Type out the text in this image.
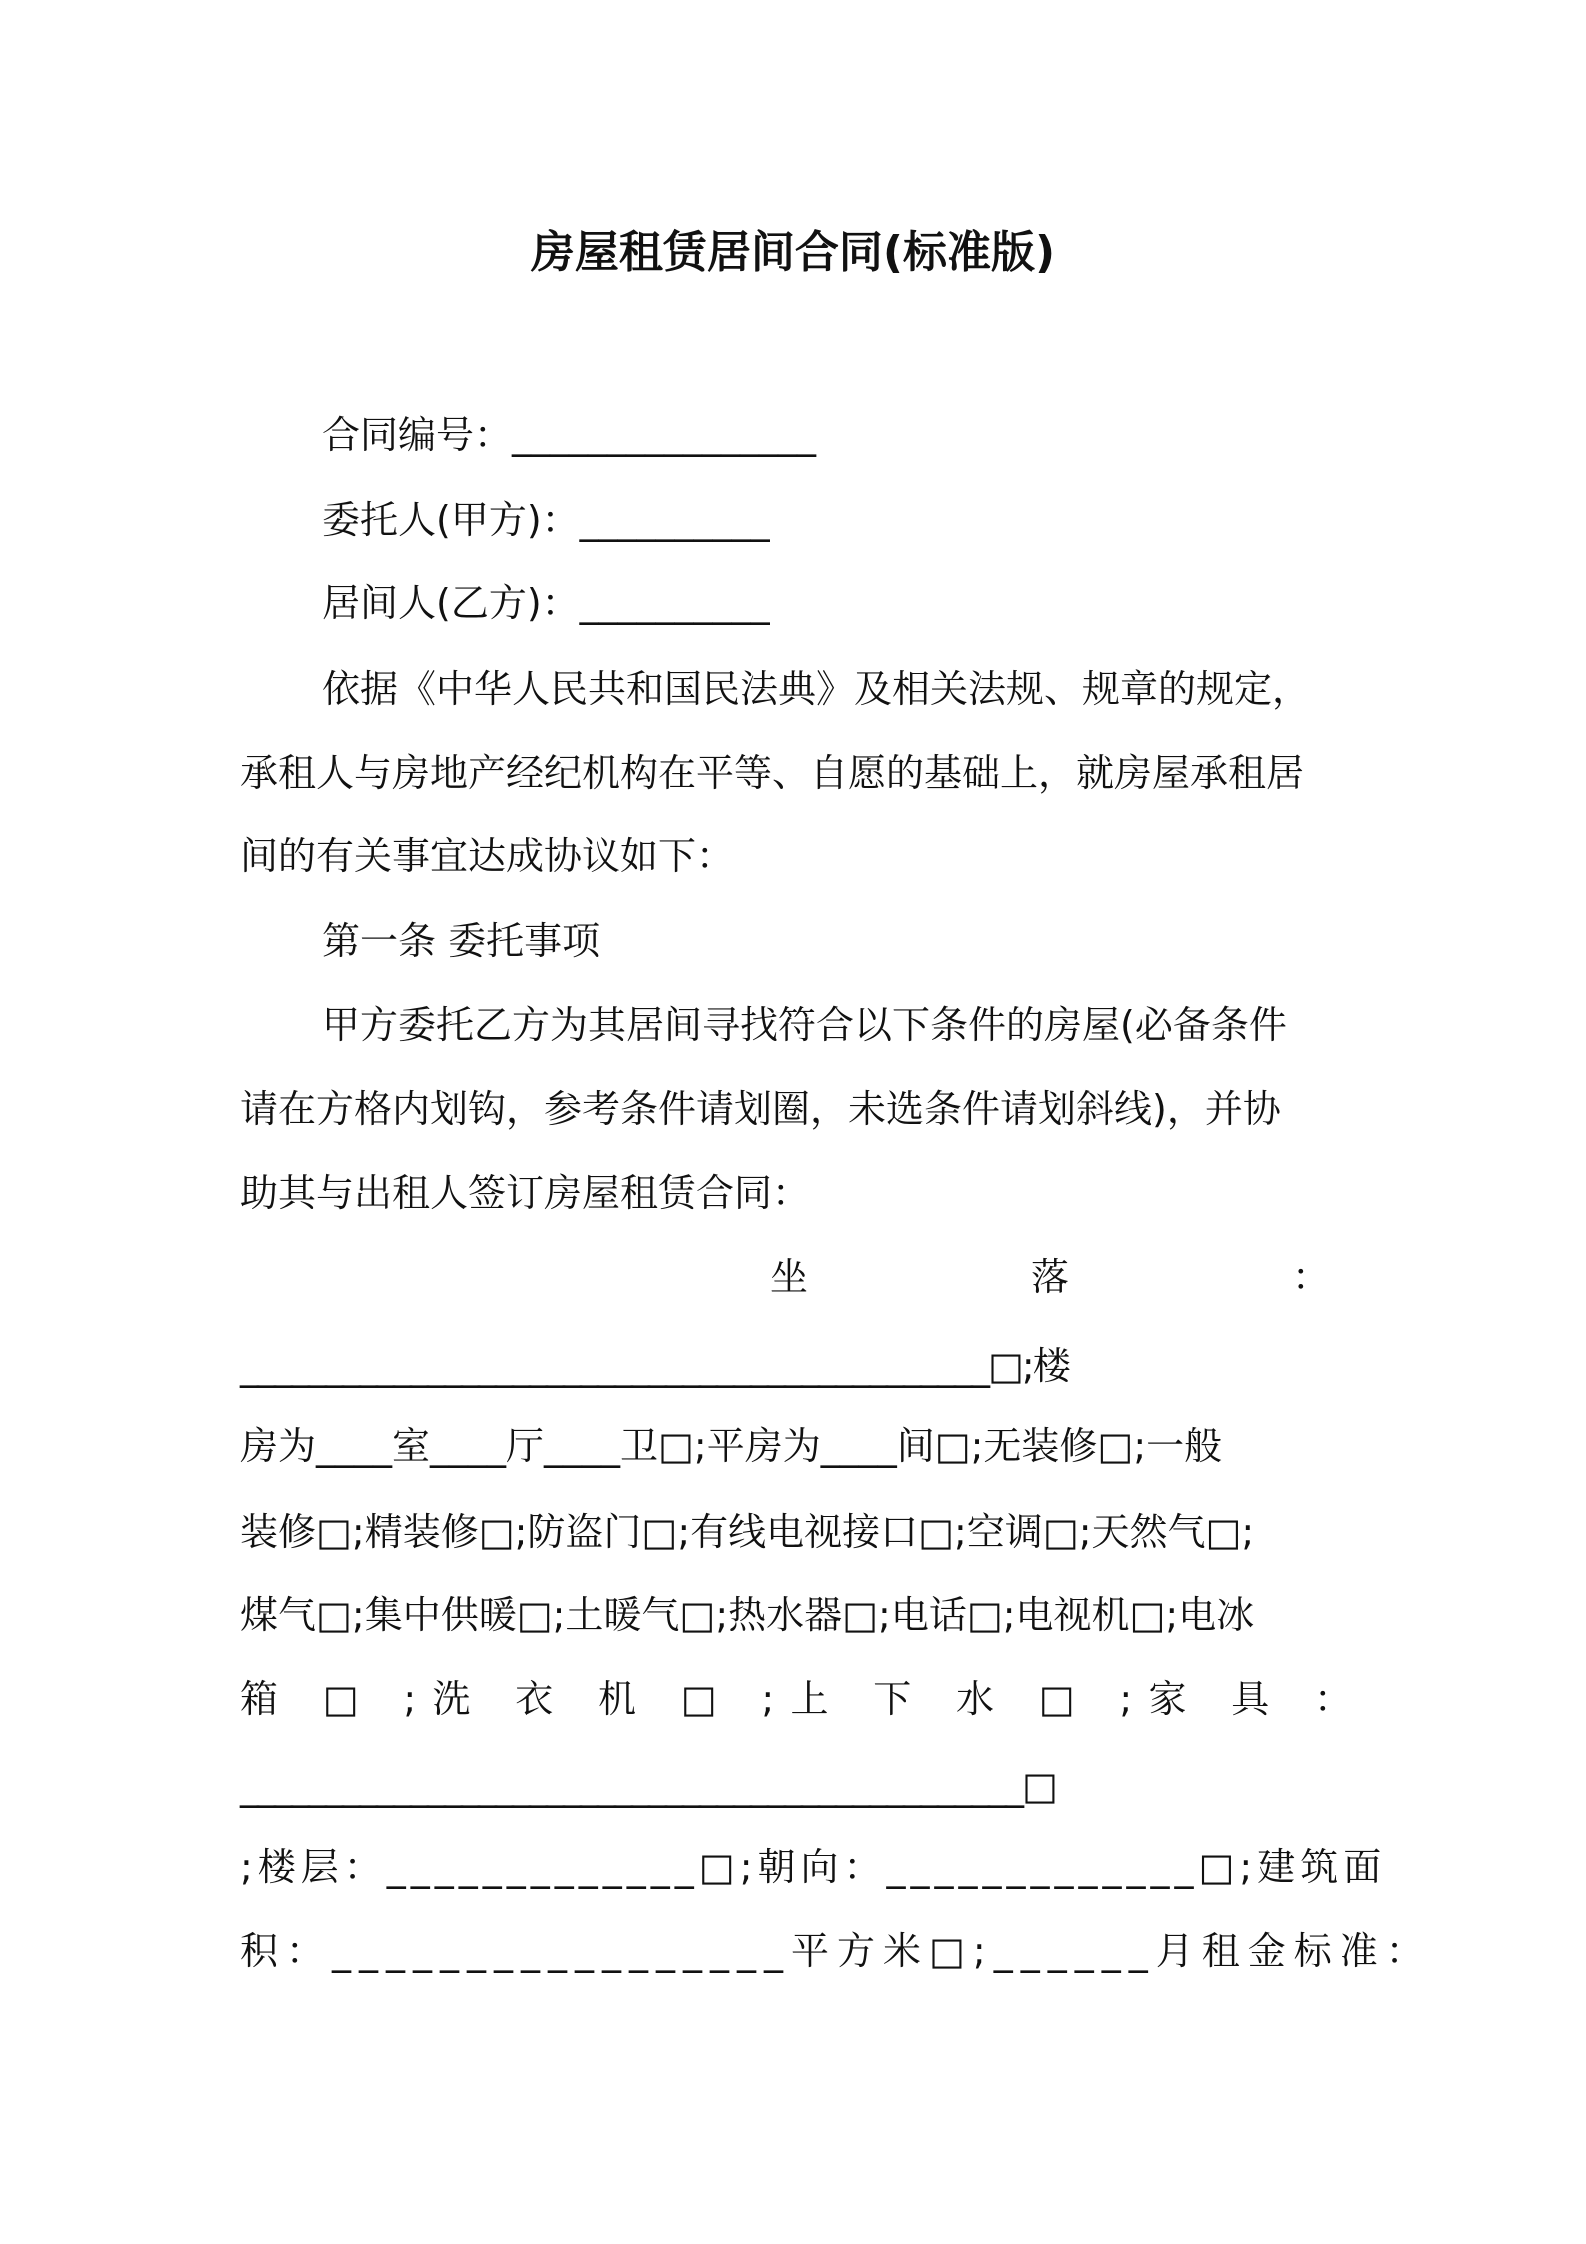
房屋租赁居间合同(标准版)
合同编号：________________
委托人(甲方)：__________
居间人(乙方)：__________
依据《中华人民共和国民法典》及相关法规、规章的规定，
承租人与房地产经纪机构在平等、自愿的基础上，就房屋承租居
间的有关事宜达成协议如下：
第一条 委托事项
甲方委托乙方为其居间寻找符合以下条件的房屋(必备条件
请在方格内划钩，参考条件请划圈，未选条件请划斜线)，并协
助其与出租人签订房屋租赁合同：
坐 落 ：
____________________________________________□;楼
房为____室____厅____卫□;平房为____间□;无装修□;一般
装修□;精装修□;防盗门□;有线电视接口□;空调□;天然气□;
煤气□;集中供暖□;土暖气□;热水器□;电话□;电视机□;电冰
箱 □ ;洗 衣 机 □ ;上 下 水 □ ;家 具 ：
______________________________________________□
;楼层：_____________□;朝向：_____________□;建筑面
积：_________________平方米□;______月租金标准：
